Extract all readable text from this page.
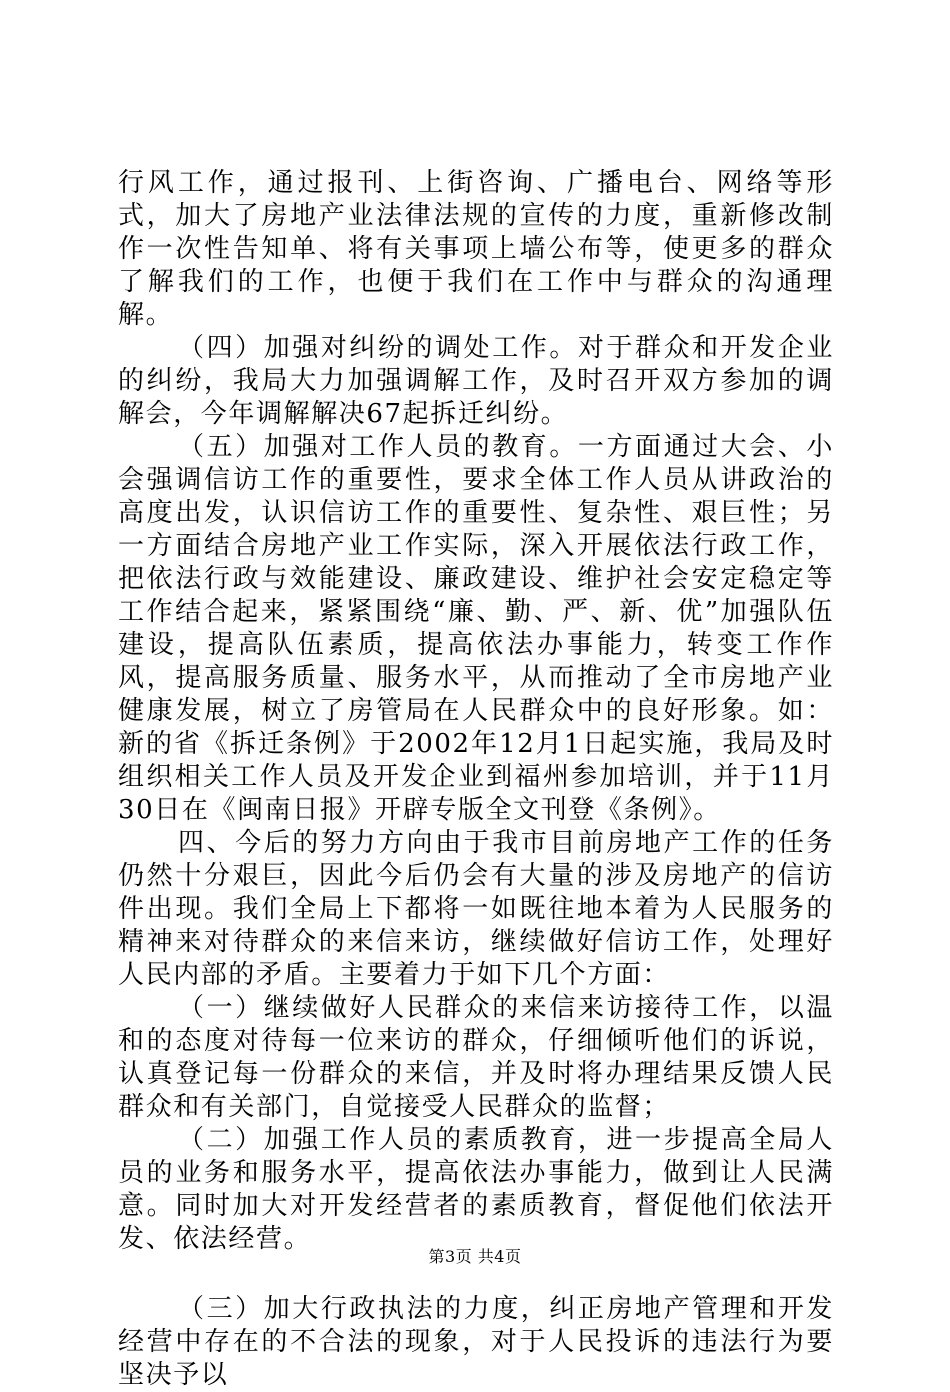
行风工作，通过报刊、上街咨询、广播电台、网络等形式，加大了房地产业法律法规的宣传的力度，重新修改制作一次性告知单、将有关事项上墙公布等，使更多的群众了解我们的工作，也便于我们在工作中与群众的沟通理解。

（四）加强对纠纷的调处工作。对于群众和开发企业的纠纷，我局大力加强调解工作，及时召开双方参加的调解会，今年调解解决67起拆迁纠纷。

（五）加强对工作人员的教育。一方面通过大会、小会强调信访工作的重要性，要求全体工作人员从讲政治的高度出发，认识信访工作的重要性、复杂性、艰巨性；另一方面结合房地产业工作实际，深入开展依法行政工作，把依法行政与效能建设、廉政建设、维护社会安定稳定等工作结合起来，紧紧围绕“廉、勤、严、新、优”加强队伍建设，提高队伍素质，提高依法办事能力，转变工作作风，提高服务质量、服务水平，从而推动了全市房地产业健康发展，树立了房管局在人民群众中的良好形象。如：新的省《拆迁条例》于2002年12月1日起实施，我局及时组织相关工作人员及开发企业到福州参加培训，并于11月30日在《闽南日报》开辟专版全文刊登《条例》。

四、今后的努力方向由于我市目前房地产工作的任务仍然十分艰巨，因此今后仍会有大量的涉及房地产的信访件出现。我们全局上下都将一如既往地本着为人民服务的精神来对待群众的来信来访，继续做好信访工作，处理好人民内部的矛盾。主要着力于如下几个方面：

（一）继续做好人民群众的来信来访接待工作，以温和的态度对待每一位来访的群众，仔细倾听他们的诉说，认真登记每一份群众的来信，并及时将办理结果反馈人民群众和有关部门，自觉接受人民群众的监督；

（二）加强工作人员的素质教育，进一步提高全局人员的业务和服务水平，提高依法办事能力，做到让人民满意。同时加大对开发经营者的素质教育，督促他们依法开发、依法经营。

（三）加大行政执法的力度，纠正房地产管理和开发经营中存在的不合法的现象，对于人民投诉的违法行为要坚决予以

第3页 共4页
